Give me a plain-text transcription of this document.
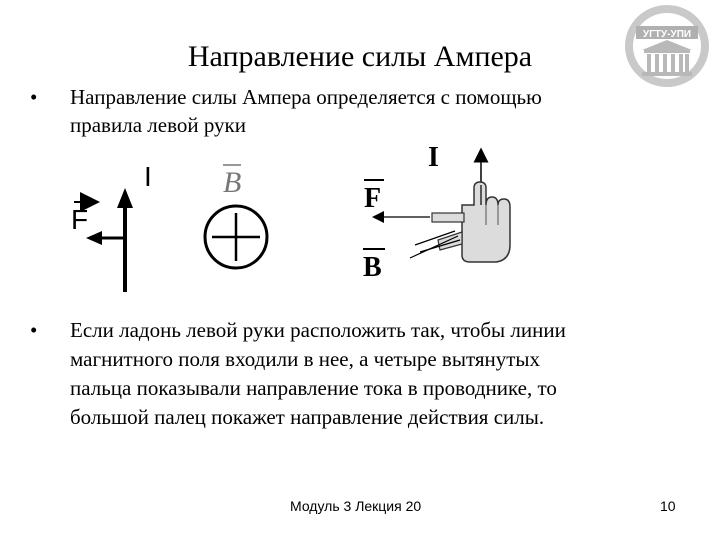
Направление силы Ампера
УГТУ-УПИ
• Направление силы Ампера определяется с помощью
правила левой руки
I
F
B
I
F
B
• Если ладонь левой руки расположить так, чтобы линии
магнитного поля входили в нее, а четыре вытянутых
пальца показывали направление тока в проводнике, то
большой палец покажет направление действия силы.
Модуль 3 Лекция 20	10
